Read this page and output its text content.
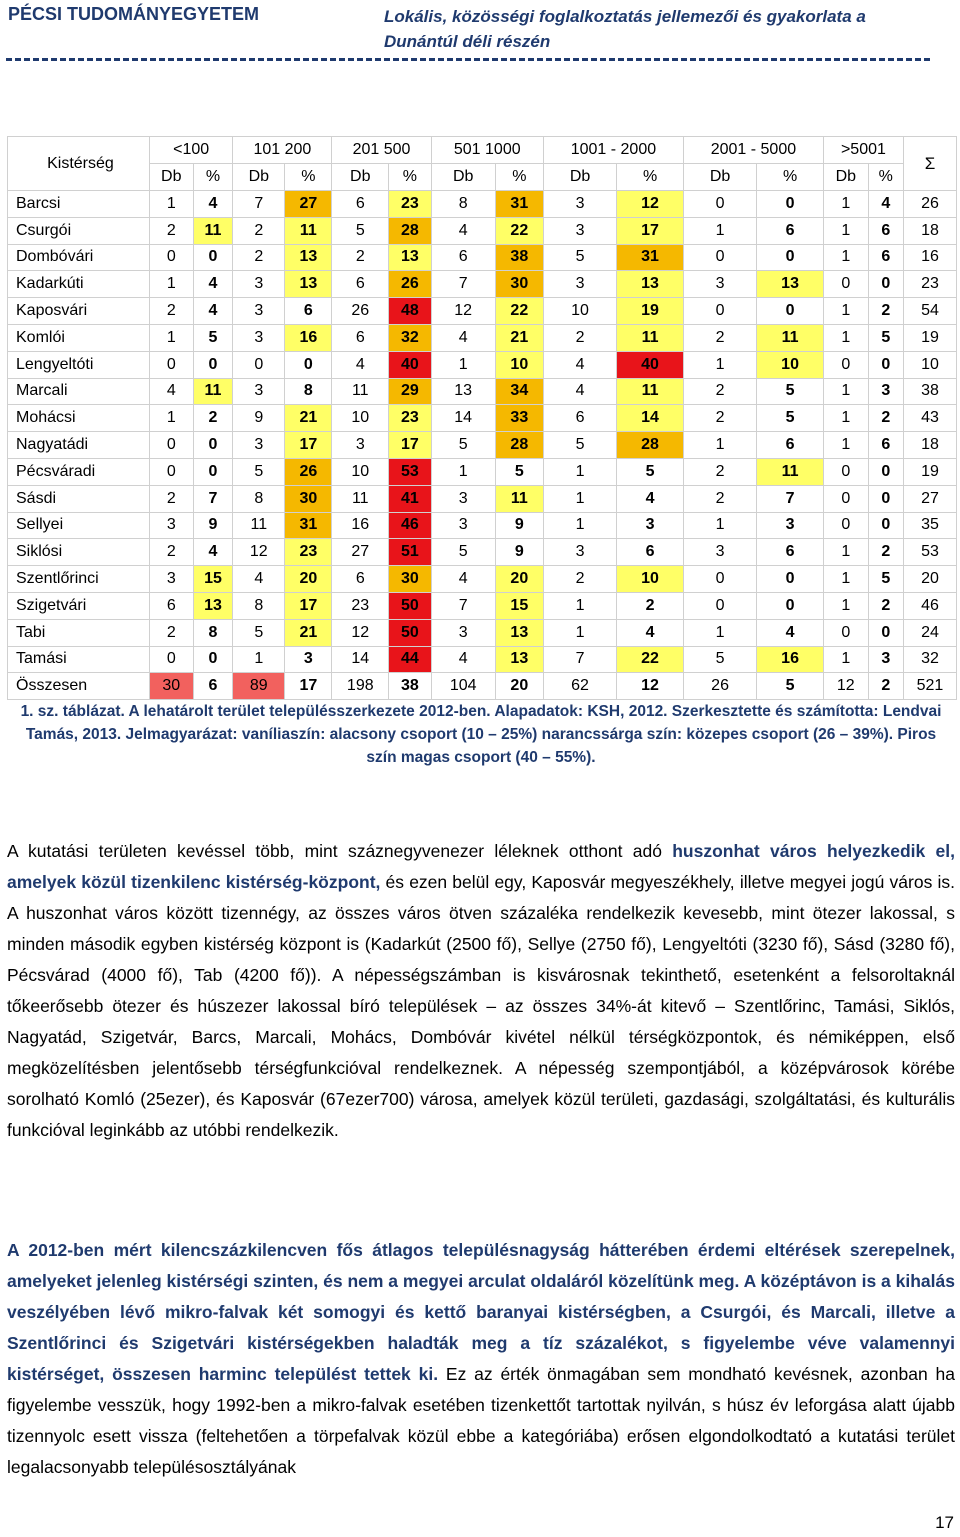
PÉCSI TUDOMÁNYEGYETEM	Lokális, közösségi foglalkoztatás jellemezői és gyakorlata a Dunántúl déli részén
Kistérség	<100		101 200		201 500		501 1000		1001 - 2000		2001 - 5000		>5001		Σ
	Db	%	Db	%	Db	%	Db	%	Db	%	Db	%	Db	%	
Barcsi	1	4	7	27	6	23	8	31	3	12	0	0	1	4	26
Csurgói	2	11	2	11	5	28	4	22	3	17	1	6	1	6	18
Dombóvári	0	0	2	13	2	13	6	38	5	31	0	0	1	6	16
Kadarkúti	1	4	3	13	6	26	7	30	3	13	3	13	0	0	23
Kaposvári	2	4	3	6	26	48	12	22	10	19	0	0	1	2	54
Komlói	1	5	3	16	6	32	4	21	2	11	2	11	1	5	19
Lengyeltóti	0	0	0	0	4	40	1	10	4	40	1	10	0	0	10
Marcali	4	11	3	8	11	29	13	34	4	11	2	5	1	3	38
Mohácsi	1	2	9	21	10	23	14	33	6	14	2	5	1	2	43
Nagyatádi	0	0	3	17	3	17	5	28	5	28	1	6	1	6	18
Pécsváradi	0	0	5	26	10	53	1	5	1	5	2	11	0	0	19
Sásdi	2	7	8	30	11	41	3	11	1	4	2	7	0	0	27
Sellyei	3	9	11	31	16	46	3	9	1	3	1	3	0	0	35
Siklósi	2	4	12	23	27	51	5	9	3	6	3	6	1	2	53
Szentlőrinci	3	15	4	20	6	30	4	20	2	10	0	0	1	5	20
Szigetvári	6	13	8	17	23	50	7	15	1	2	0	0	1	2	46
Tabi	2	8	5	21	12	50	3	13	1	4	1	4	0	0	24
Tamási	0	0	1	3	14	44	4	13	7	22	5	16	1	3	32
Összesen	30	6	89	17	198	38	104	20	62	12	26	5	12	2	521
1. sz. táblázat. A lehatárolt terület településszerkezete 2012-ben. Alapadatok: KSH, 2012. Szerkesztette és számította: Lendvai Tamás, 2013. Jelmagyarázat: vaníliaszín: alacsony csoport (10 – 25%) narancssárga szín: közepes csoport (26 – 39%). Piros szín magas csoport (40 – 55%).
A kutatási területen kevéssel több, mint száznegyvenezer léleknek otthont adó huszonhat város helyezkedik el, amelyek közül tizenkilenc kistérség-központ, és ezen belül egy, Kaposvár megyeszékhely, illetve megyei jogú város is. A huszonhat város között tizennégy, az összes város ötven százaléka rendelkezik kevesebb, mint ötezer lakossal, s minden második egyben kistérség központ is (Kadarkút (2500 fő), Sellye (2750 fő), Lengyeltóti (3230 fő), Sásd (3280 fő), Pécsvárad (4000 fő), Tab (4200 fő)). A népességszámban is kisvárosnak tekinthető, esetenként a felsoroltaknál tőkeerősebb ötezer és húszezer lakossal bíró települések – az összes 34%-át kitevő – Szentlőrinc, Tamási, Siklós, Nagyatád, Szigetvár, Barcs, Marcali, Mohács, Dombóvár kivétel nélkül térségközpontok, és némiképpen, első megközelítésben jelentősebb térségfunkcióval rendelkeznek. A népesség szempontjából, a középvárosok körébe sorolható Komló (25ezer), és Kaposvár (67ezer700) városa, amelyek közül területi, gazdasági, szolgáltatási, és kulturális funkcióval leginkább az utóbbi rendelkezik.
A 2012-ben mért kilencszázkilencven fős átlagos településnagyság hátterében érdemi eltérések szerepelnek, amelyeket jelenleg kistérségi szinten, és nem a megyei arculat oldaláról közelítünk meg. A középtávon is a kihalás veszélyében lévő mikro-falvak két somogyi és kettő baranyai kistérségben, a Csurgói, és Marcali, illetve a Szentlőrinci és Szigetvári kistérségekben haladták meg a tíz százalékot, s figyelembe véve valamennyi kistérséget, összesen harminc települést tettek ki. Ez az érték önmagában sem mondható kevésnek, azonban ha figyelembe vesszük, hogy 1992-ben a mikro-falvak esetében tizenkettőt tartottak nyilván, s húsz év leforgása alatt újabb tizennyolc esett vissza (feltehetően a törpefalvak közül ebbe a kategóriába) erősen elgondolkodtató a kutatási terület legalacsonyabb településosztályának
17
